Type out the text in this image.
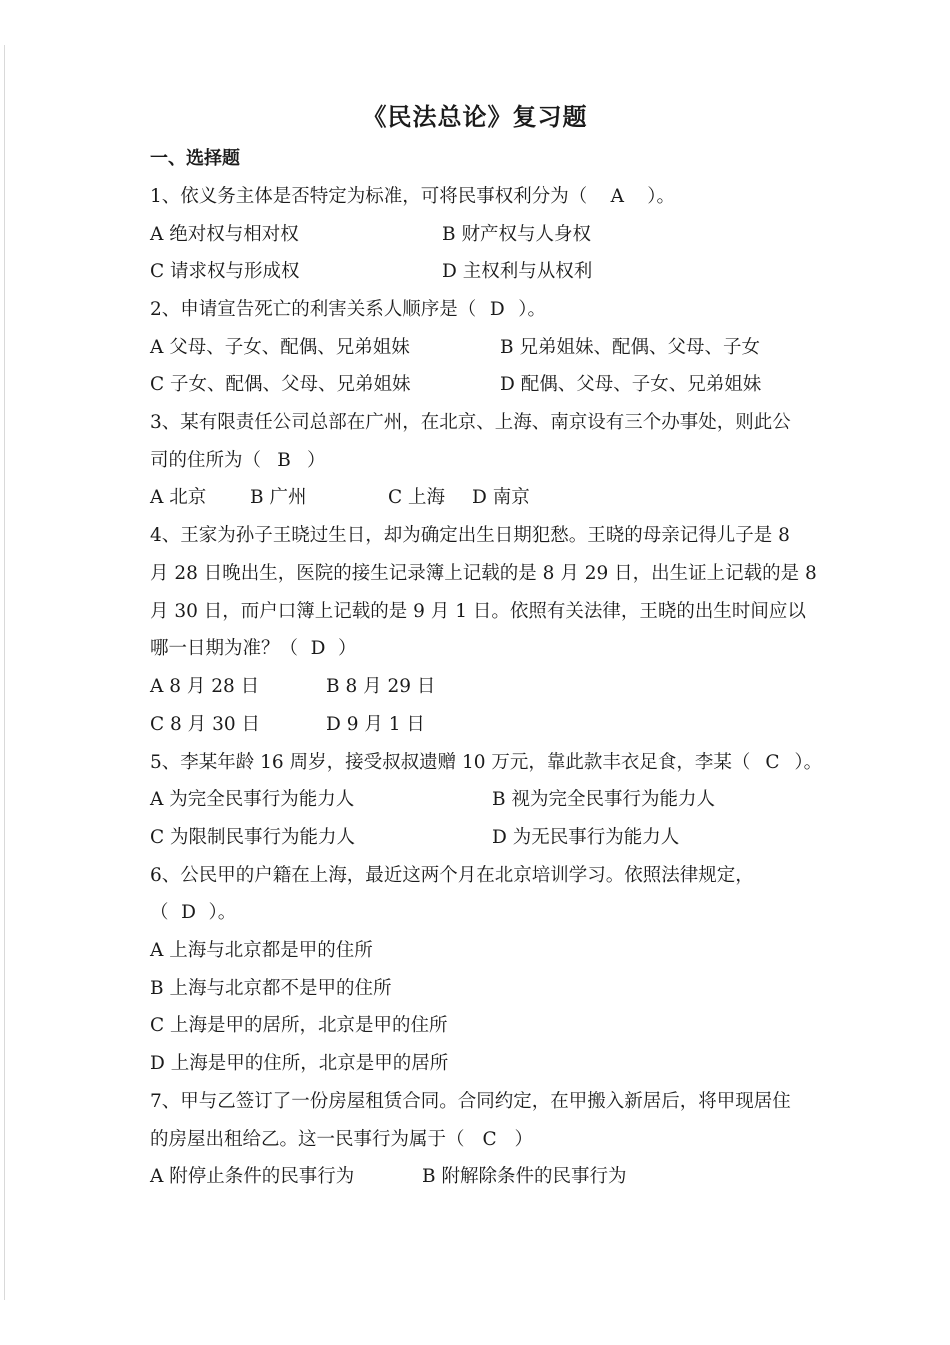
《民法总论》复习题
一、选择题
1、依义务主体是否特定为标准，可将民事权利分为（ A ）。
A 绝对权与相对权	B 财产权与人身权
C 请求权与形成权	D 主权利与从权利
2、申请宣告死亡的利害关系人顺序是（ D ）。
A 父母、子女、配偶、兄弟姐妹	B 兄弟姐妹、配偶、父母、子女
C 子女、配偶、父母、兄弟姐妹	D 配偶、父母、子女、兄弟姐妹
3、某有限责任公司总部在广州，在北京、上海、南京设有三个办事处，则此公
司的住所为（ B ）
A 北京 B 广州	C 上海 D 南京
4、王家为孙子王晓过生日，却为确定出生日期犯愁。王晓的母亲记得儿子是 8
月 28 日晚出生，医院的接生记录簿上记载的是 8 月 29 日，出生证上记载的是 8
月 30 日，而户口簿上记载的是 9 月 1 日。依照有关法律，王晓的出生时间应以
哪一日期为准？（ D ）
A 8 月 28 日	B 8 月 29 日
C 8 月 30 日	D 9 月 1 日
5、李某年龄 16 周岁，接受叔叔遗赠 10 万元，靠此款丰衣足食，李某（ C ）。
A 为完全民事行为能力人	B 视为完全民事行为能力人
C 为限制民事行为能力人	D 为无民事行为能力人
6、公民甲的户籍在上海，最近这两个月在北京培训学习。依照法律规定，
（ D ）。
A 上海与北京都是甲的住所
B 上海与北京都不是甲的住所
C 上海是甲的居所，北京是甲的住所
D 上海是甲的住所，北京是甲的居所
7、甲与乙签订了一份房屋租赁合同。合同约定，在甲搬入新居后，将甲现居住
的房屋出租给乙。这一民事行为属于（ C ）
A 附停止条件的民事行为	B 附解除条件的民事行为
